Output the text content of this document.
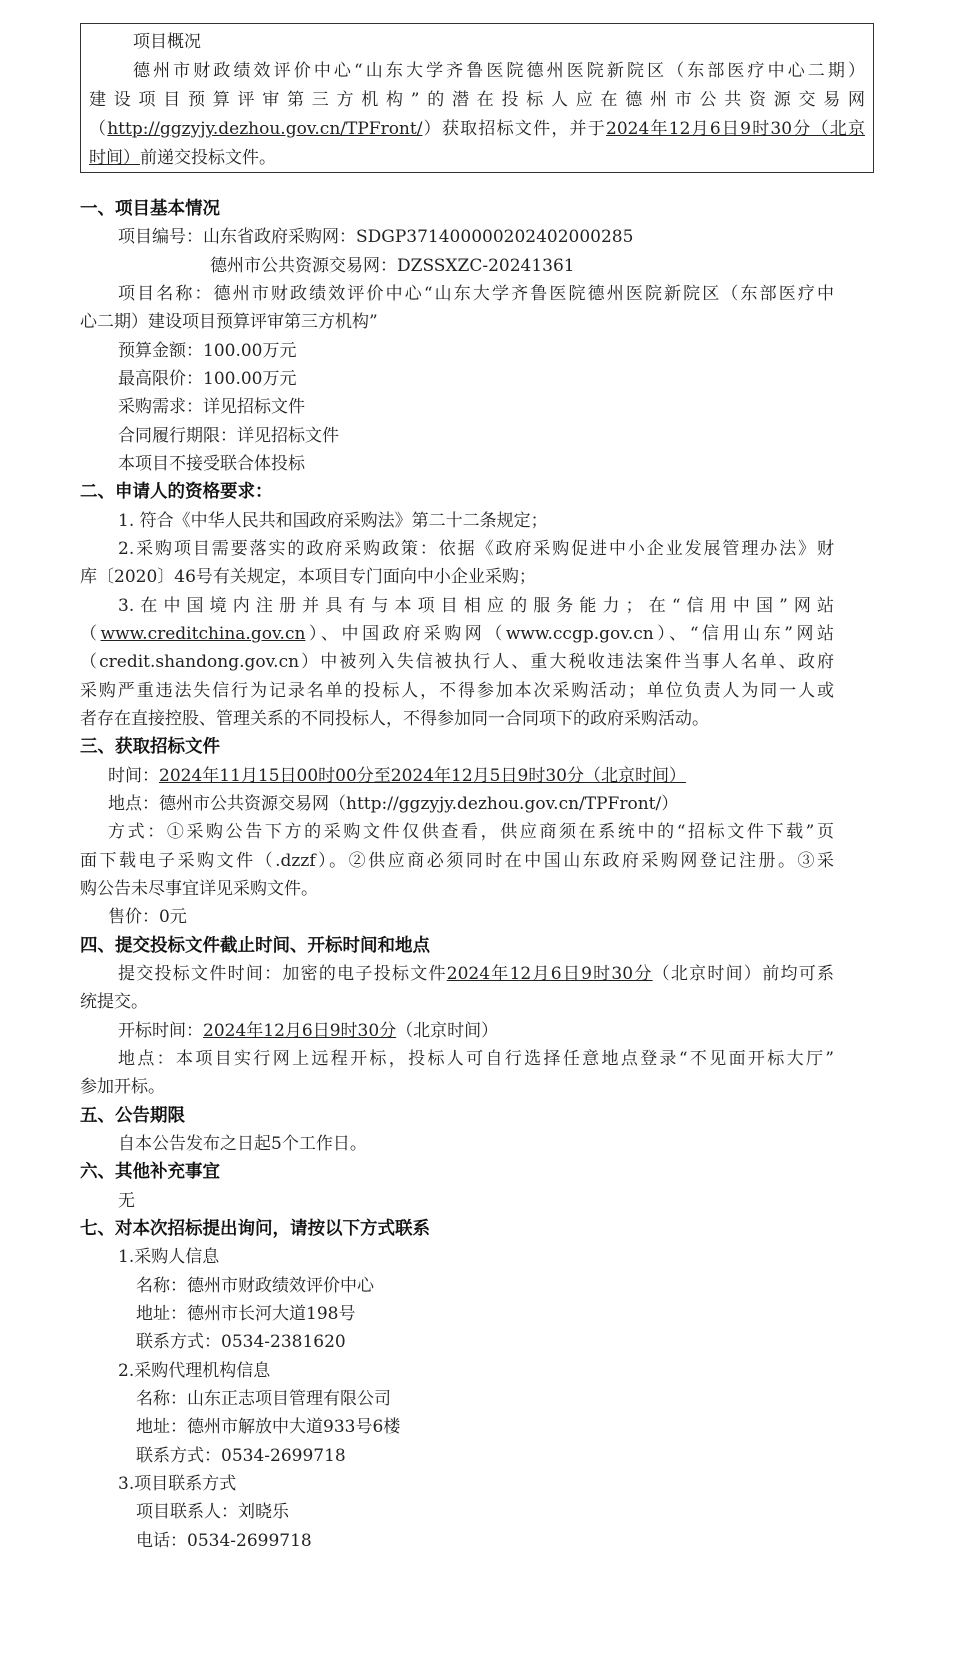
项目概况
德州市财政绩效评价中心“山东大学齐鲁医院德州医院新院区（东部医疗中心二期）
建设项目预算评审第三方机构”的潜在投标人应在德州市公共资源交易网
（http://ggzyjy.dezhou.gov.cn/TPFront/）获取招标文件，并于2024年12月6日9时30分（北京
时间）前递交投标文件。
一、项目基本情况
项目编号：山东省政府采购网：SDGP371400000202402000285
德州市公共资源交易网：DZSSXZC-20241361
项目名称：德州市财政绩效评价中心“山东大学齐鲁医院德州医院新院区（东部医疗中
心二期）建设项目预算评审第三方机构”
预算金额：100.00万元
最高限价：100.00万元
采购需求：详见招标文件
合同履行期限：详见招标文件
本项目不接受联合体投标
二、申请人的资格要求：
1. 符合《中华人民共和国政府采购法》第二十二条规定；
2.采购项目需要落实的政府采购政策：依据《政府采购促进中小企业发展管理办法》财
库〔2020〕46号有关规定，本项目专门面向中小企业采购；
3.在中国境内注册并具有与本项目相应的服务能力；在“信用中国”网站
（www.creditchina.gov.cn）、中国政府采购网（www.ccgp.gov.cn）、“信用山东”网站
（credit.shandong.gov.cn）中被列入失信被执行人、重大税收违法案件当事人名单、政府
采购严重违法失信行为记录名单的投标人，不得参加本次采购活动；单位负责人为同一人或
者存在直接控股、管理关系的不同投标人，不得参加同一合同项下的政府采购活动。
三、获取招标文件
时间：2024年11月15日00时00分至2024年12月5日9时30分（北京时间）
地点：德州市公共资源交易网（http://ggzyjy.dezhou.gov.cn/TPFront/）
方式：①采购公告下方的采购文件仅供查看，供应商须在系统中的“招标文件下载”页
面下载电子采购文件（.dzzf）。②供应商必须同时在中国山东政府采购网登记注册。③采
购公告未尽事宜详见采购文件。
售价：0元
四、提交投标文件截止时间、开标时间和地点
提交投标文件时间：加密的电子投标文件2024年12月6日9时30分（北京时间）前均可系
统提交。
开标时间：2024年12月6日9时30分（北京时间）
地点：本项目实行网上远程开标，投标人可自行选择任意地点登录“不见面开标大厅”
参加开标。
五、公告期限
自本公告发布之日起5个工作日。
六、其他补充事宜
无
七、对本次招标提出询问，请按以下方式联系
1.采购人信息
名称：德州市财政绩效评价中心
地址：德州市长河大道198号
联系方式：0534-2381620
2.采购代理机构信息
名称：山东正志项目管理有限公司
地址：德州市解放中大道933号6楼
联系方式：0534-2699718
3.项目联系方式
项目联系人：刘晓乐
电话：0534-2699718
